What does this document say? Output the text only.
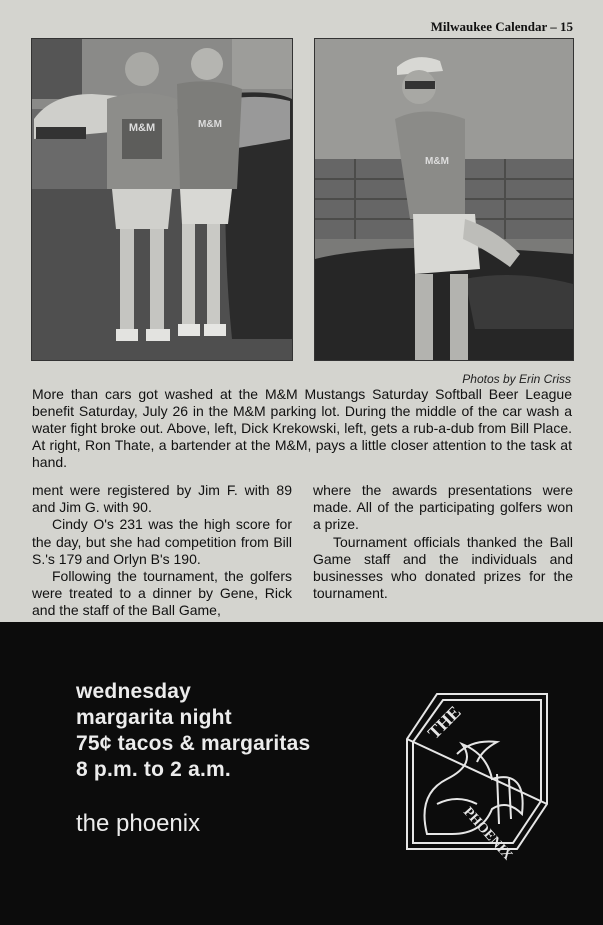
Milwaukee Calendar – 15
M&M	M&M
M&M
Photos by Erin Criss
More than cars got washed at the M&M Mustangs Saturday Softball Beer League benefit Saturday, July 26 in the M&M parking lot. During the middle of the car wash a water fight broke out. Above, left, Dick Krekowski, left, gets a rub-a-dub from Bill Place. At right, Ron Thate, a bartender at the M&M, pays a little closer attention to the task at hand.

ment were registered by Jim F. with 89 and Jim G. with 90.

Cindy O's 231 was the high score for the day, but she had competition from Bill S.'s 179 and Orlyn B's 190.

Following the tournament, the golfers were treated to a dinner by Gene, Rick and the staff of the Ball Game,

where the awards presentations were made. All of the participating golfers won a prize.

Tournament officials thanked the Ball Game staff and the individuals and businesses who donated prizes for the tournament.

wednesday
margarita night
75¢ tacos & margaritas
8 p.m. to 2 a.m.
the phoenix
THE
PHOENIX
